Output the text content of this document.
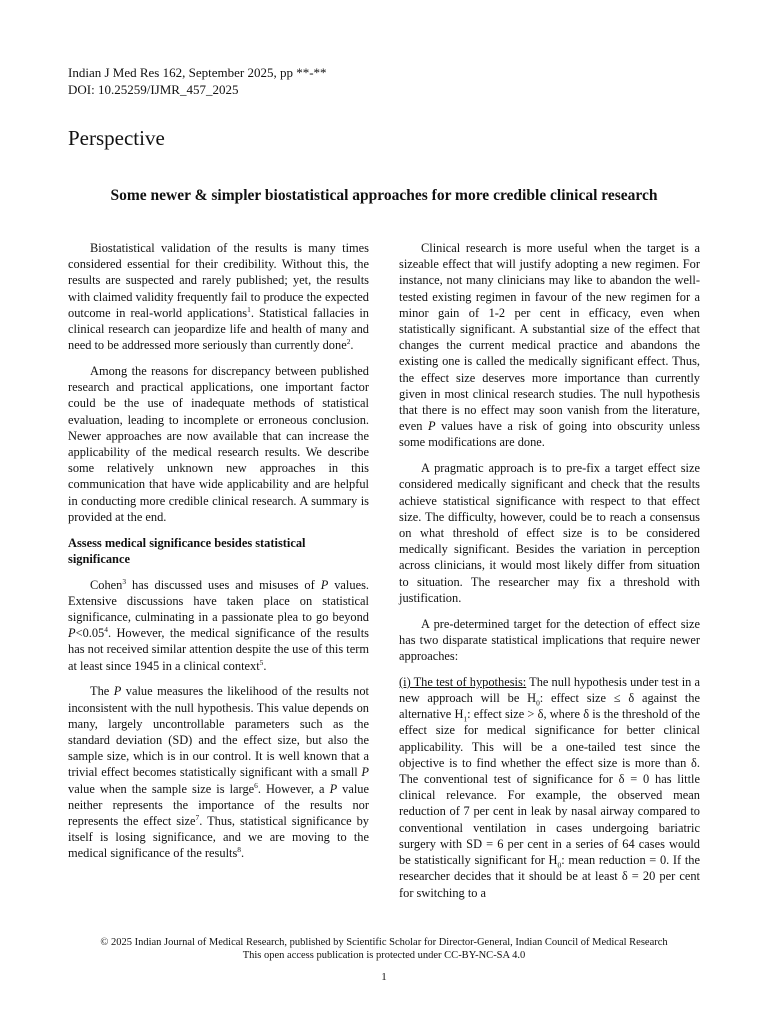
Indian J Med Res 162, September 2025, pp **-**
DOI: 10.25259/IJMR_457_2025
Perspective
Some newer & simpler biostatistical approaches for more credible clinical research

Biostatistical validation of the results is many times considered essential for their credibility. Without this, the results are suspected and rarely published; yet, the results with claimed validity frequently fail to produce the expected outcome in real-world applications$^1$. Statistical fallacies in clinical research can jeopardize life and health of many and need to be addressed more seriously than currently done$^2$.

Among the reasons for discrepancy between published research and practical applications, one important factor could be the use of inadequate methods of statistical evaluation, leading to incomplete or erroneous conclusion. Newer approaches are now available that can increase the applicability of the medical research results. We describe some relatively unknown new approaches in this communication that have wide applicability and are helpful in conducting more credible clinical research. A summary is provided at the end.

Assess medical significance besides statistical significance

Cohen$^3$ has discussed uses and misuses of P values. Extensive discussions have taken place on statistical significance, culminating in a passionate plea to go beyond $P<0.05^4$. However, the medical significance of the results has not received similar attention despite the use of this term at least since 1945 in a clinical context$^5$.

The P value measures the likelihood of the results not inconsistent with the null hypothesis. This value depends on many, largely uncontrollable parameters such as the standard deviation (SD) and the effect size, but also the sample size, which is in our control. It is well known that a trivial effect becomes statistically significant with a small P value when the sample size is large$^6$. However, a P value neither represents the importance of the results nor represents the effect size$^7$. Thus, statistical significance by itself is losing significance, and we are moving to the medical significance of the results$^8$.

Clinical research is more useful when the target is a sizeable effect that will justify adopting a new regimen. For instance, not many clinicians may like to abandon the well-tested existing regimen in favour of the new regimen for a minor gain of 1-2 per cent in efficacy, even when statistically significant. A substantial size of the effect that changes the current medical practice and abandons the existing one is called the medically significant effect. Thus, the effect size deserves more importance than currently given in most clinical research studies. The null hypothesis that there is no effect may soon vanish from the literature, even P values have a risk of going into obscurity unless some modifications are done.

A pragmatic approach is to pre-fix a target effect size considered medically significant and check that the results achieve statistical significance with respect to that effect size. The difficulty, however, could be to reach a consensus on what threshold of effect size is to be considered medically significant. Besides the variation in perception across clinicians, it would most likely differ from situation to situation. The researcher may fix a threshold with justification.

A pre-determined target for the detection of effect size has two disparate statistical implications that require newer approaches:

(i) The test of hypothesis: The null hypothesis under test in a new approach will be $H_0$: effect size ≤ δ against the alternative $H_1$: effect size > δ, where δ is the threshold of the effect size for medical significance for better clinical applicability. This will be a one-tailed test since the objective is to find whether the effect size is more than δ. The conventional test of significance for δ = 0 has little clinical relevance. For example, the observed mean reduction of 7 per cent in leak by nasal airway compared to conventional ventilation in cases undergoing bariatric surgery with SD = 6 per cent in a series of 64 cases would be statistically significant for $H_0$: mean reduction = 0. If the researcher decides that it should be at least δ = 20 per cent for switching to a

© 2025 Indian Journal of Medical Research, published by Scientific Scholar for Director-General, Indian Council of Medical Research
This open access publication is protected under CC-BY-NC-SA 4.0
1
